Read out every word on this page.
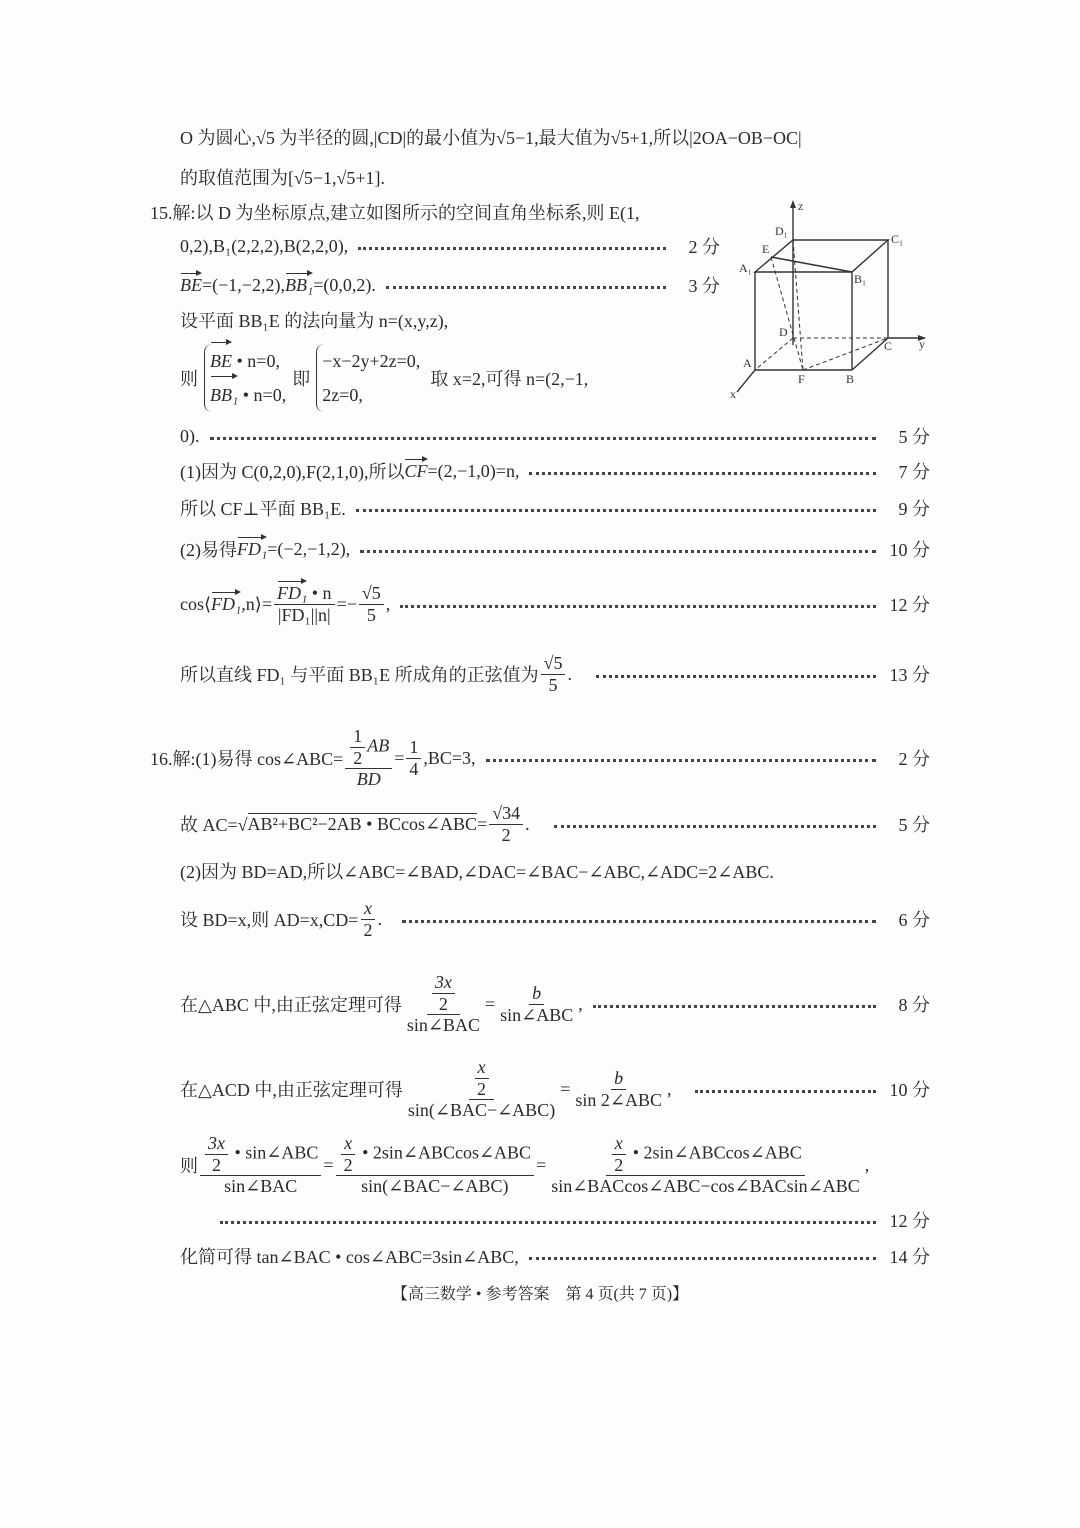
O 为圆心,√5 为半径的圆,|CD|的最小值为√5−1,最大值为√5+1,所以|2OA−OB−OC|
的取值范围为[√5−1,√5+1].
15.解:以 D 为坐标原点,建立如图所示的空间直角坐标系,则 E(1,
0,2),B₁(2,2,2),B(2,2,0),	2 分
BE =(−1,−2,2), BB₁ =(0,0,2).	3 分
设平面 BB₁E 的法向量为 n=(x,y,z),
则
BE • n=0,
BB₁ • n=0,
即
−x−2y+2z=0,
2z=0,
取 x=2,可得 n=(2,−1,
0).	5 分
(1)因为 C(0,2,0),F(2,1,0),所以 CF =(2,−1,0)=n,	7 分
所以 CF⊥平面 BB₁E.	9 分
(2)易得 FD₁ =(−2,−1,2),	10 分
cos⟨ FD₁ ,n⟩= $\frac{\text{FD₁ • n}}{\text{|FD₁||n|}} =- \frac{√5}{5}$ ,	12 分
所以直线 FD₁ 与平面 BB₁E 所成角的正弦值为 $\frac{√5}{5}$ .	13 分
z
D₁
C₁
E
A₁
B₁
D
C y
A
F	B
x
16.解:(1)易得 cos∠ABC= $\frac{\frac{1}{2} AB}{BD} = \frac{1}{4} ,BC=3$,	2 分
故 AC=√ AB²+BC²−2AB • BCcos∠ABC = $\frac{√34}{2}$ .	5 分
(2)因为 BD=AD,所以∠ABC=∠BAD,∠DAC=∠BAC−∠ABC,∠ADC=2∠ABC.
设 BD=x,则 $AD=x,CD= \frac{x}{2}$ .	6 分
在△ABC 中,由正弦定理可得 $\frac{\frac{3x}{2}}{\text{sin∠BAC}} = \frac{b}{\text{sin∠ABC}}$ ,	8 分
在△ACD 中,由正弦定理可得 $\frac{\frac{x}{2}}{\text{sin(∠BAC−∠ABC)}} = \frac{b}{\text{sin 2∠ABC}}$ ,	10 分
则 $\frac{\frac{3x}{2} • \sin\angle ABC}{\text{sin∠BAC}} = \frac{\frac{x}{2} • 2\sin\angle ABCcos\angle ABC}{\text{sin(∠BAC−∠ABC)}} = \frac{\frac{x}{2} • 2\sin\angle ABCcos\angle ABC}{\text{sin∠BACcos∠ABC−cos∠BACsin∠ABC}}$ ,
12 分
化简可得 tan∠BAC • cos∠ABC=3sin∠ABC,	14 分
【高三数学 • 参考答案　第 4 页(共 7 页)】
